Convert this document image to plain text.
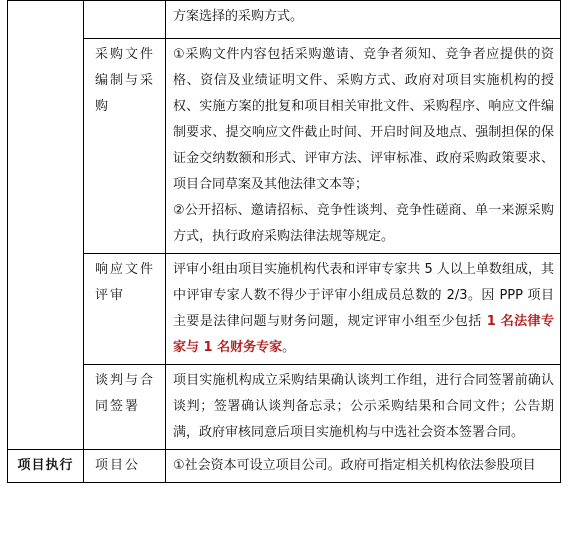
		方案选择的采购方式。

	采购文件编制与采购	①采购文件内容包括采购邀请、竞争者须知、竞争者应提供的资格、资信及业绩证明文件、采购方式、政府对项目实施机构的授权、实施方案的批复和项目相关审批文件、采购程序、响应文件编制要求、提交响应文件截止时间、开启时间及地点、强制担保的保证金交纳数额和形式、评审方法、评审标准、政府采购政策要求、项目合同草案及其他法律文本等；
②公开招标、邀请招标、竞争性谈判、竞争性磋商、单一来源采购方式，执行政府采购法律法规等规定。

	响应文件评审	评审小组由项目实施机构代表和评审专家共 5 人以上单数组成，其中评审专家人数不得少于评审小组成员总数的 2/3。因 PPP 项目主要是法律问题与财务问题，规定评审小组至少包括 1 名法律专家与 1 名财务专家。
	谈判与合同签署	项目实施机构成立采购结果确认谈判工作组，进行合同签署前确认谈判；签署确认谈判备忘录；公示采购结果和合同文件；公告期满，政府审核同意后项目实施机构与中选社会资本签署合同。

项目执行	项目公	①社会资本可设立项目公司。政府可指定相关机构依法参股项目
